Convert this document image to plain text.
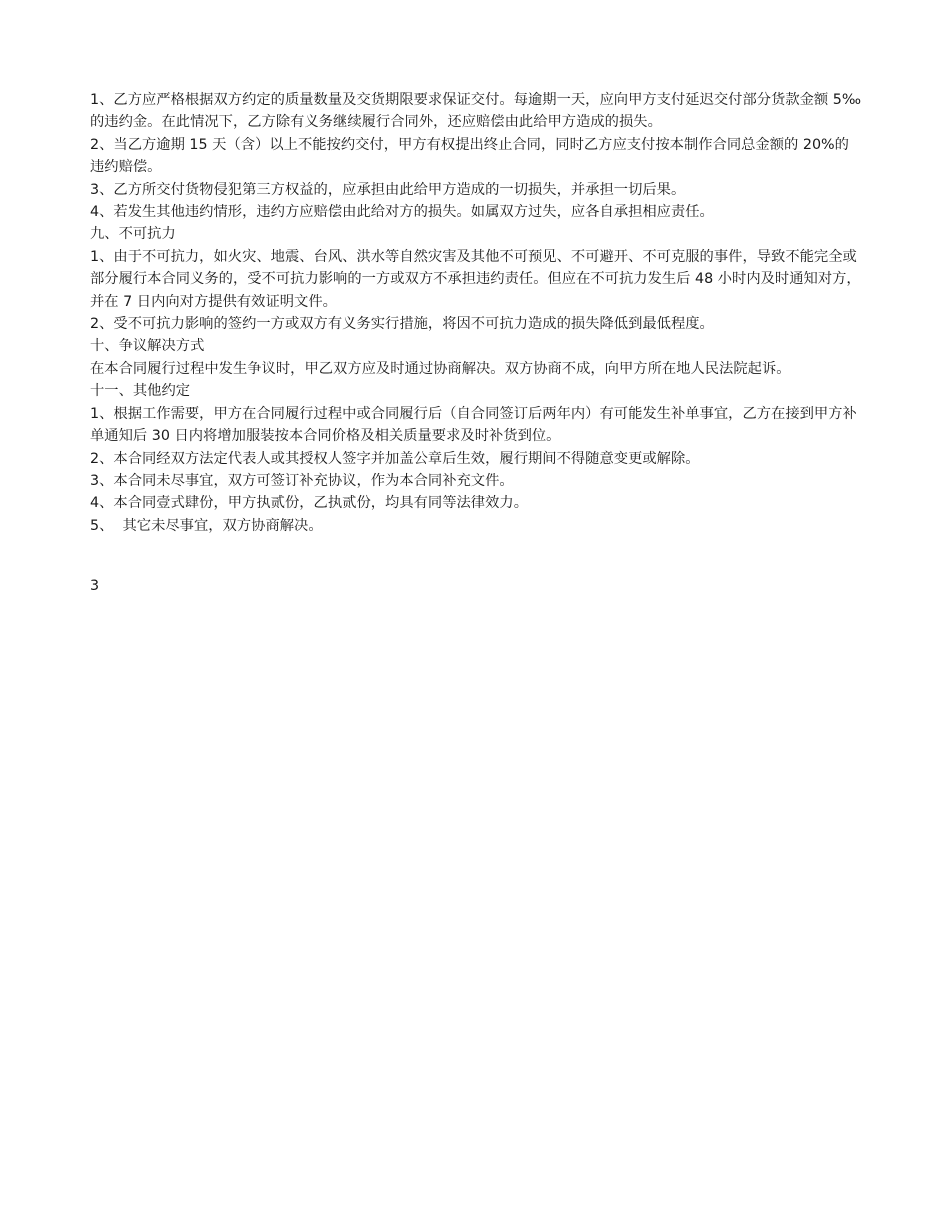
1、乙方应严格根据双方约定的质量数量及交货期限要求保证交付。每逾期一天，应向甲方支付延迟交付部分货款金额 5‰的违约金。在此情况下，乙方除有义务继续履行合同外，还应赔偿由此给甲方造成的损失。

2、当乙方逾期 15 天（含）以上不能按约交付，甲方有权提出终止合同，同时乙方应支付按本制作合同总金额的 20%的违约赔偿。

3、乙方所交付货物侵犯第三方权益的，应承担由此给甲方造成的一切损失，并承担一切后果。

4、若发生其他违约情形，违约方应赔偿由此给对方的损失。如属双方过失，应各自承担相应责任。

九、不可抗力

1、由于不可抗力，如火灾、地震、台风、洪水等自然灾害及其他不可预见、不可避开、不可克服的事件，导致不能完全或部分履行本合同义务的，受不可抗力影响的一方或双方不承担违约责任。但应在不可抗力发生后 48 小时内及时通知对方，并在 7 日内向对方提供有效证明文件。

2、受不可抗力影响的签约一方或双方有义务实行措施，将因不可抗力造成的损失降低到最低程度。

十、争议解决方式

在本合同履行过程中发生争议时，甲乙双方应及时通过协商解决。双方协商不成，向甲方所在地人民法院起诉。

十一、其他约定

1、根据工作需要，甲方在合同履行过程中或合同履行后（自合同签订后两年内）有可能发生补单事宜，乙方在接到甲方补单通知后 30 日内将增加服装按本合同价格及相关质量要求及时补货到位。

2、本合同经双方法定代表人或其授权人签字并加盖公章后生效，履行期间不得随意变更或解除。

3、本合同未尽事宜，双方可签订补充协议，作为本合同补充文件。

4、本合同壹式肆份，甲方执贰份，乙执贰份，均具有同等法律效力。

5、  其它未尽事宜，双方协商解决。

3
